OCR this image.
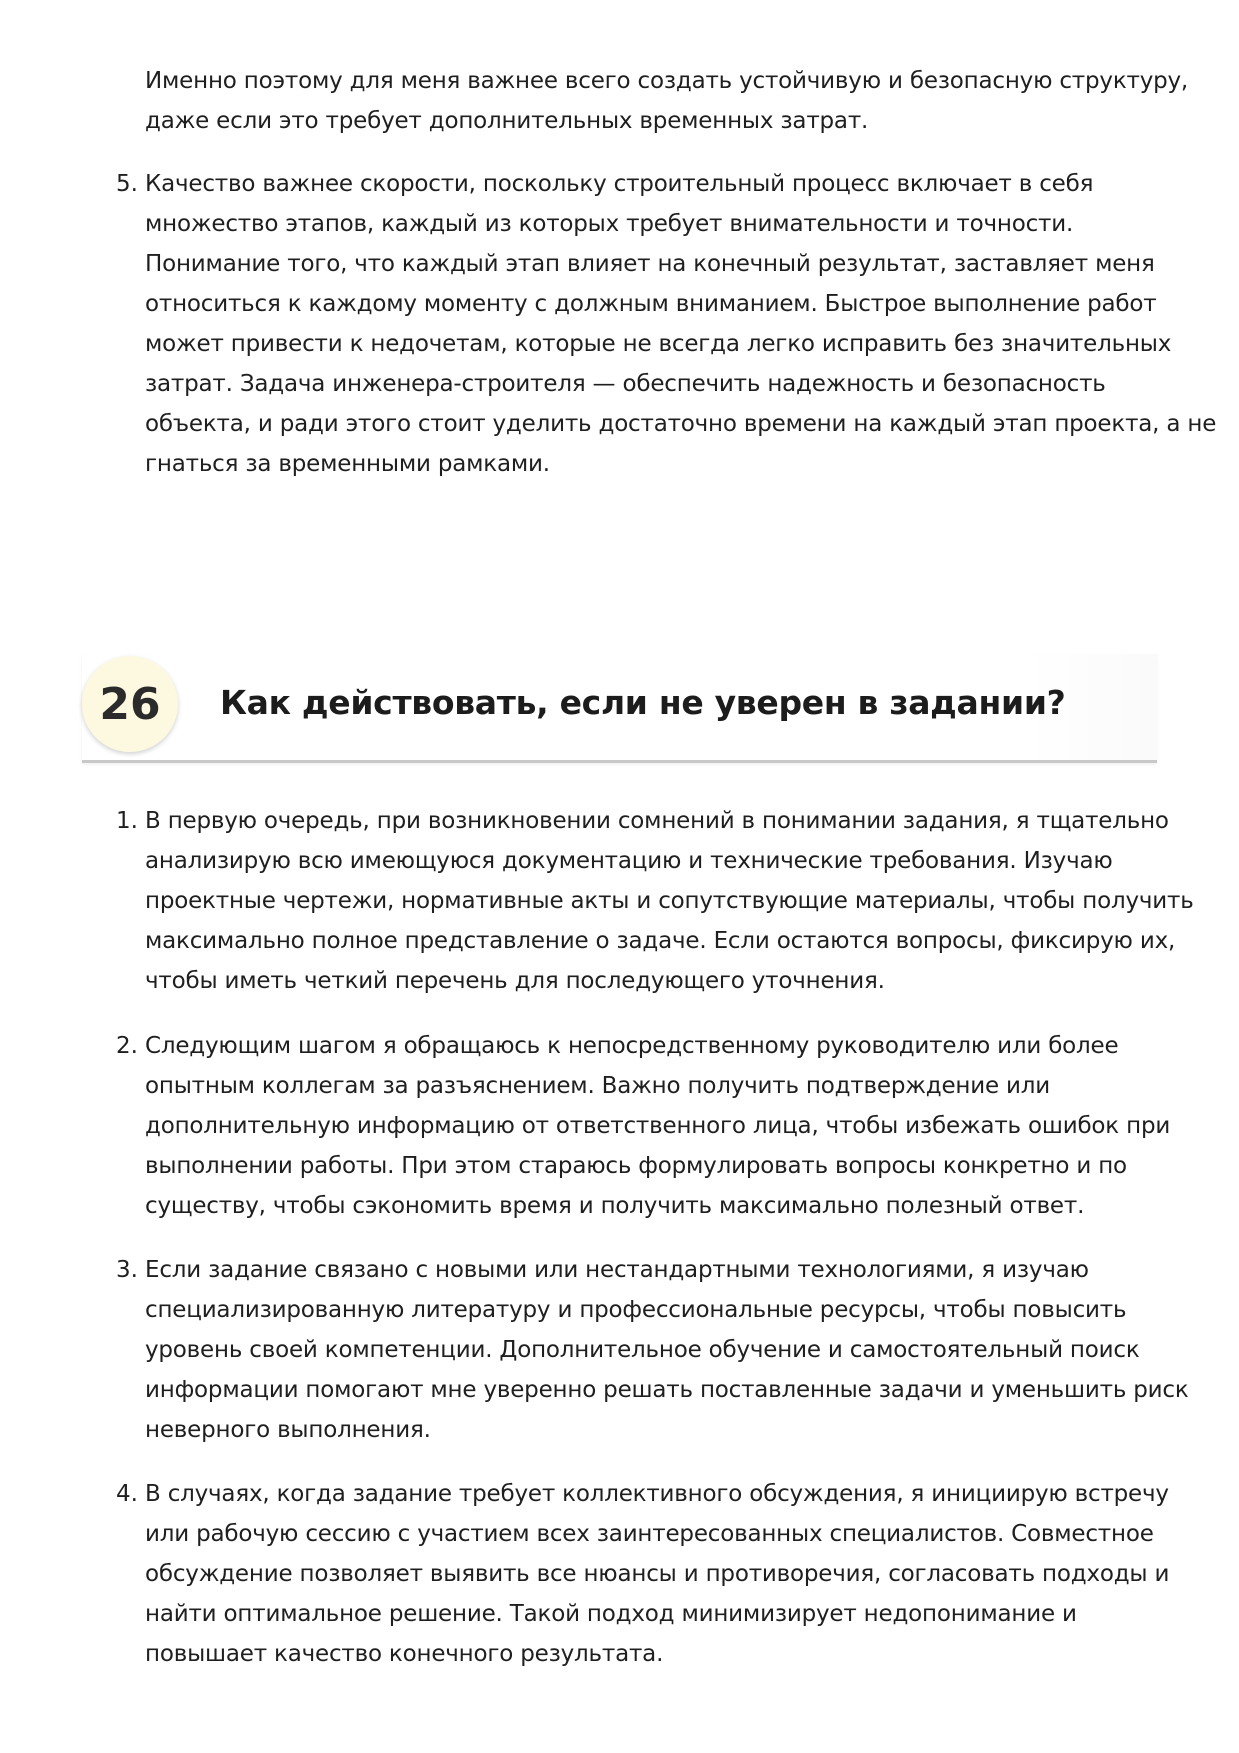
Именно поэтому для меня важнее всего создать устойчивую и безопасную структуру,
даже если это требует дополнительных временных затрат.
5. Качество важнее скорости, поскольку строительный процесс включает в себя
множество этапов, каждый из которых требует внимательности и точности.
Понимание того, что каждый этап влияет на конечный результат, заставляет меня
относиться к каждому моменту с должным вниманием. Быстрое выполнение работ
может привести к недочетам, которые не всегда легко исправить без значительных
затрат. Задача инженера-строителя — обеспечить надежность и безопасность
объекта, и ради этого стоит уделить достаточно времени на каждый этап проекта, а не
гнаться за временными рамками.
26	Как действовать, если не уверен в задании?
1. В первую очередь, при возникновении сомнений в понимании задания, я тщательно
анализирую всю имеющуюся документацию и технические требования. Изучаю
проектные чертежи, нормативные акты и сопутствующие материалы, чтобы получить
максимально полное представление о задаче. Если остаются вопросы, фиксирую их,
чтобы иметь четкий перечень для последующего уточнения.
2. Следующим шагом я обращаюсь к непосредственному руководителю или более
опытным коллегам за разъяснением. Важно получить подтверждение или
дополнительную информацию от ответственного лица, чтобы избежать ошибок при
выполнении работы. При этом стараюсь формулировать вопросы конкретно и по
существу, чтобы сэкономить время и получить максимально полезный ответ.
3. Если задание связано с новыми или нестандартными технологиями, я изучаю
специализированную литературу и профессиональные ресурсы, чтобы повысить
уровень своей компетенции. Дополнительное обучение и самостоятельный поиск
информации помогают мне уверенно решать поставленные задачи и уменьшить риск
неверного выполнения.
4. В случаях, когда задание требует коллективного обсуждения, я инициирую встречу
или рабочую сессию с участием всех заинтересованных специалистов. Совместное
обсуждение позволяет выявить все нюансы и противоречия, согласовать подходы и
найти оптимальное решение. Такой подход минимизирует недопонимание и
повышает качество конечного результата.
